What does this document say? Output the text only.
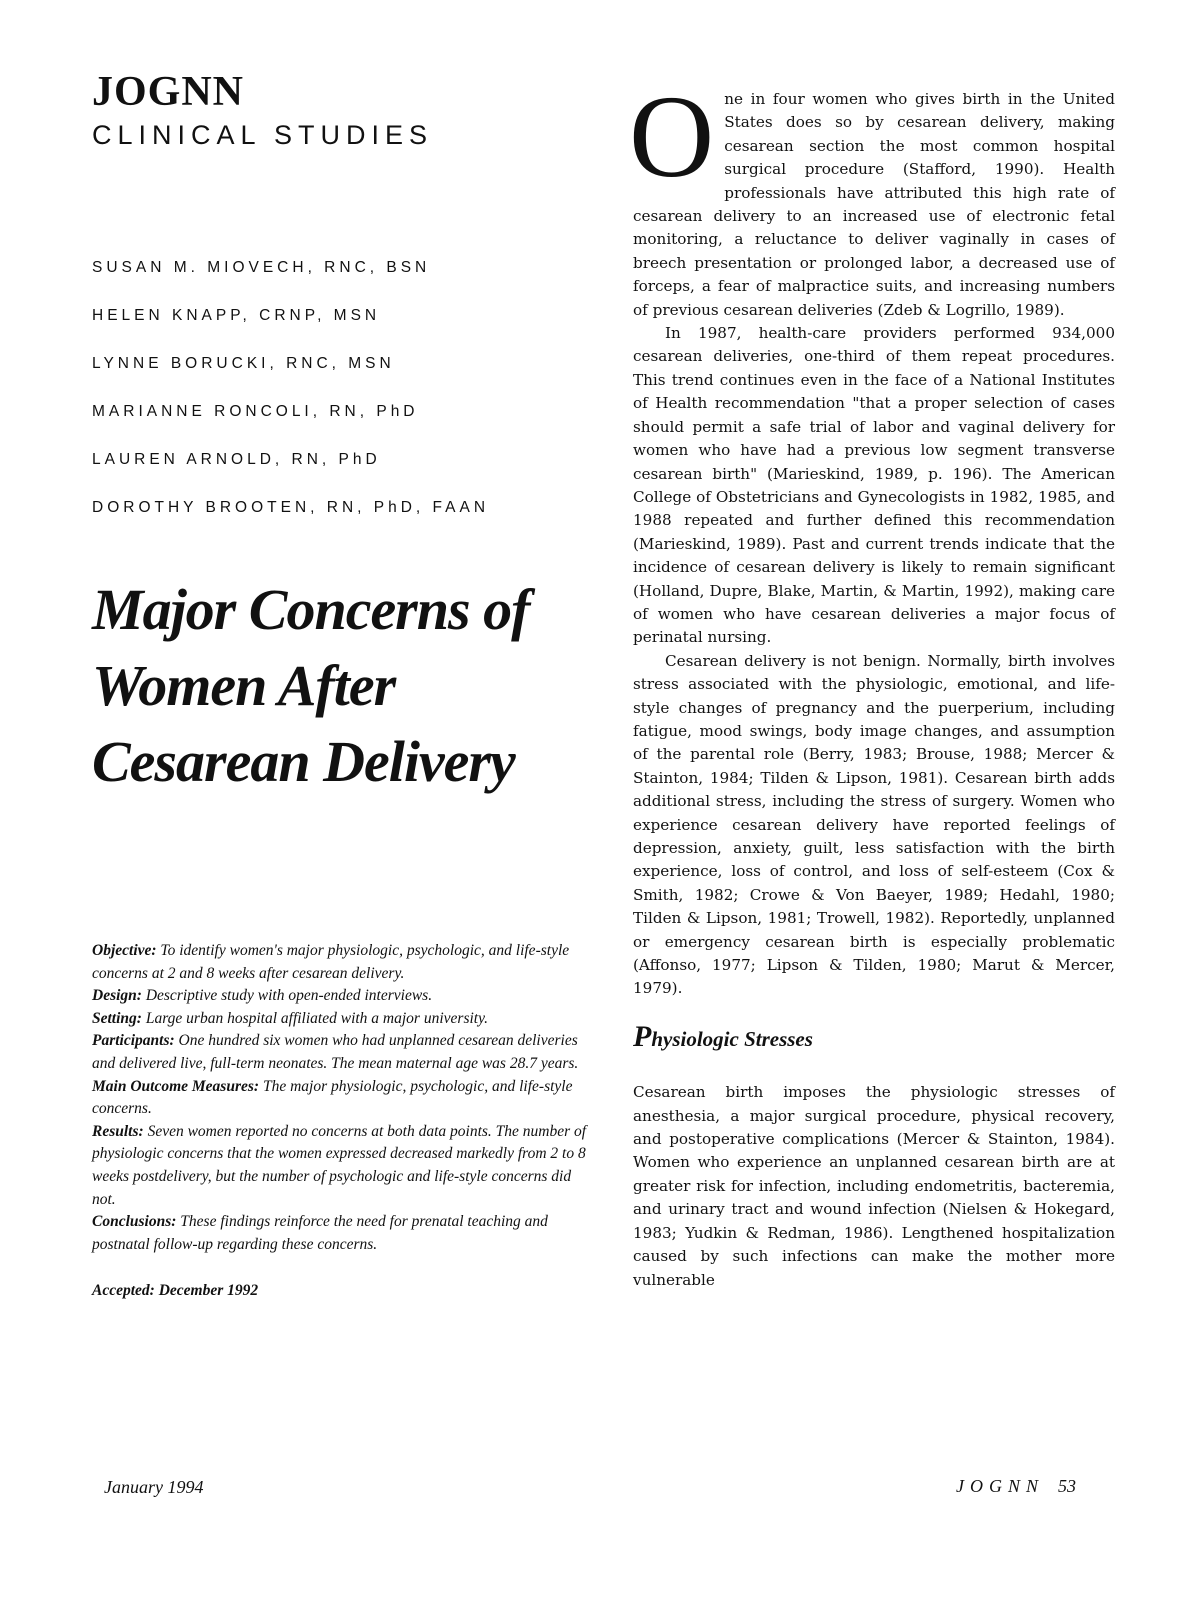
JOGNN
CLINICAL STUDIES
SUSAN M. MIOVECH, RNC, BSN
HELEN KNAPP, CRNP, MSN
LYNNE BORUCKI, RNC, MSN
MARIANNE RONCOLI, RN, PhD
LAUREN ARNOLD, RN, PhD
DOROTHY BROOTEN, RN, PhD, FAAN
Major Concerns of
Women After
Cesarean Delivery

Objective: To identify women's major physiologic, psychologic, and life-style concerns at 2 and 8 weeks after cesarean delivery.

Design: Descriptive study with open-ended interviews.

Setting: Large urban hospital affiliated with a major university.

Participants: One hundred six women who had unplanned cesarean deliveries and delivered live, full-term neonates. The mean maternal age was 28.7 years.

Main Outcome Measures: The major physiologic, psychologic, and life-style concerns.

Results: Seven women reported no concerns at both data points. The number of physiologic concerns that the women expressed decreased markedly from 2 to 8 weeks postdelivery, but the number of psychologic and life-style concerns did not.

Conclusions: These findings reinforce the need for prenatal teaching and postnatal follow-up regarding these concerns.

Accepted: December 1992

One in four women who gives birth in the United States does so by cesarean delivery, making cesarean section the most common hospital surgical procedure (Stafford, 1990). Health professionals have attributed this high rate of cesarean delivery to an increased use of electronic fetal monitoring, a reluctance to deliver vaginally in cases of breech presentation or prolonged labor, a decreased use of forceps, a fear of malpractice suits, and increasing numbers of previous cesarean deliveries (Zdeb & Logrillo, 1989).

In 1987, health-care providers performed 934,000 cesarean deliveries, one-third of them repeat procedures. This trend continues even in the face of a National Institutes of Health recommendation "that a proper selection of cases should permit a safe trial of labor and vaginal delivery for women who have had a previous low segment transverse cesarean birth" (Marieskind, 1989, p. 196). The American College of Obstetricians and Gynecologists in 1982, 1985, and 1988 repeated and further defined this recommendation (Marieskind, 1989). Past and current trends indicate that the incidence of cesarean delivery is likely to remain significant (Holland, Dupre, Blake, Martin, & Martin, 1992), making care of women who have cesarean deliveries a major focus of perinatal nursing.

Cesarean delivery is not benign. Normally, birth involves stress associated with the physiologic, emotional, and life-style changes of pregnancy and the puerperium, including fatigue, mood swings, body image changes, and assumption of the parental role (Berry, 1983; Brouse, 1988; Mercer & Stainton, 1984; Tilden & Lipson, 1981). Cesarean birth adds additional stress, including the stress of surgery. Women who experience cesarean delivery have reported feelings of depression, anxiety, guilt, less satisfaction with the birth experience, loss of control, and loss of self-esteem (Cox & Smith, 1982; Crowe & Von Baeyer, 1989; Hedahl, 1980; Tilden & Lipson, 1981; Trowell, 1982). Reportedly, unplanned or emergency cesarean birth is especially problematic (Affonso, 1977; Lipson & Tilden, 1980; Marut & Mercer, 1979).

Physiologic Stresses

Cesarean birth imposes the physiologic stresses of anesthesia, a major surgical procedure, physical recovery, and postoperative complications (Mercer & Stainton, 1984). Women who experience an unplanned cesarean birth are at greater risk for infection, including endometritis, bacteremia, and urinary tract and wound infection (Nielsen & Hokegard, 1983; Yudkin & Redman, 1986). Lengthened hospitalization caused by such infections can make the mother more vulnerable

January 1994	JOGNN 53
